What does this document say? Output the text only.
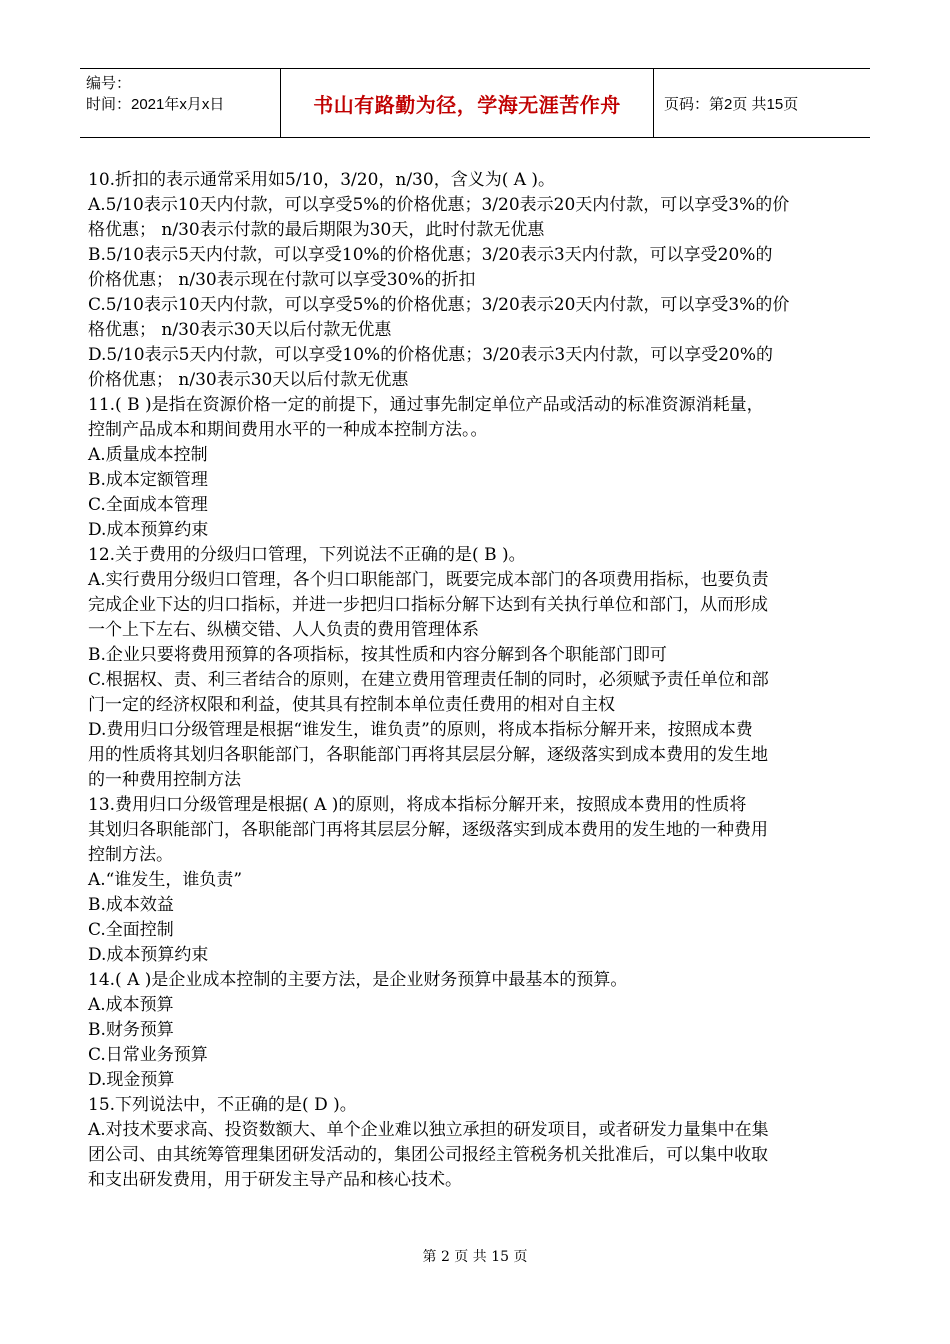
编号：
时间：2021年x月x日	书山有路勤为径，学海无涯苦作舟	页码：第2页 共15页

10.折扣的表示通常采用如5/10，3/20，n/30，含义为( A )。

A.5/10表示10天内付款，可以享受5%的价格优惠；3/20表示20天内付款，可以享受3%的价

格优惠； n/30表示付款的最后期限为30天，此时付款无优惠

B.5/10表示5天内付款，可以享受10%的价格优惠；3/20表示3天内付款，可以享受20%的

价格优惠； n/30表示现在付款可以享受30%的折扣

C.5/10表示10天内付款，可以享受5%的价格优惠；3/20表示20天内付款，可以享受3%的价

格优惠； n/30表示30天以后付款无优惠

D.5/10表示5天内付款，可以享受10%的价格优惠；3/20表示3天内付款，可以享受20%的

价格优惠； n/30表示30天以后付款无优惠

11.( B )是指在资源价格一定的前提下，通过事先制定单位产品或活动的标准资源消耗量，

控制产品成本和期间费用水平的一种成本控制方法。。

A.质量成本控制

B.成本定额管理

C.全面成本管理

D.成本预算约束

12.关于费用的分级归口管理，下列说法不正确的是( B )。

A.实行费用分级归口管理，各个归口职能部门，既要完成本部门的各项费用指标，也要负责

完成企业下达的归口指标，并进一步把归口指标分解下达到有关执行单位和部门，从而形成

一个上下左右、纵横交错、人人负责的费用管理体系

B.企业只要将费用预算的各项指标，按其性质和内容分解到各个职能部门即可

C.根据权、责、利三者结合的原则，在建立费用管理责任制的同时，必须赋予责任单位和部

门一定的经济权限和利益，使其具有控制本单位责任费用的相对自主权

D.费用归口分级管理是根据“谁发生，谁负责”的原则，将成本指标分解开来，按照成本费

用的性质将其划归各职能部门，各职能部门再将其层层分解，逐级落实到成本费用的发生地

的一种费用控制方法

13.费用归口分级管理是根据( A )的原则，将成本指标分解开来，按照成本费用的性质将

其划归各职能部门，各职能部门再将其层层分解，逐级落实到成本费用的发生地的一种费用

控制方法。

A.“谁发生，谁负责”

B.成本效益

C.全面控制

D.成本预算约束

14.( A )是企业成本控制的主要方法，是企业财务预算中最基本的预算。

A.成本预算

B.财务预算

C.日常业务预算

D.现金预算

15.下列说法中，不正确的是( D )。

A.对技术要求高、投资数额大、单个企业难以独立承担的研发项目，或者研发力量集中在集

团公司、由其统筹管理集团研发活动的，集团公司报经主管税务机关批准后，可以集中收取

和支出研发费用，用于研发主导产品和核心技术。

第 2 页 共 15 页
